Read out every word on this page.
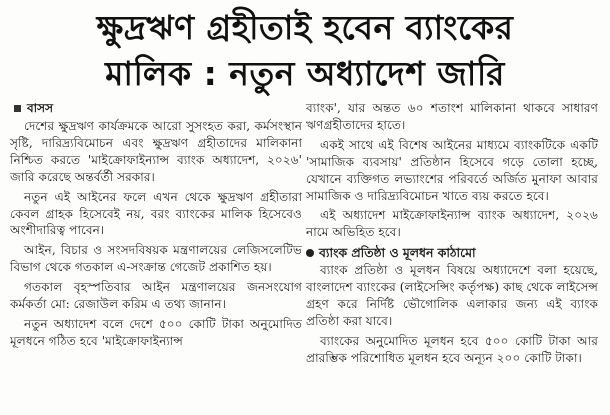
ক্ষুদ্রঋণ গ্রহীতাই হবেন ব্যাংকের
মালিক : নতুন অধ্যাদেশ জারি
বাসস

দেশের ক্ষুদ্রঋণ কার্যক্রমকে আরো সুসংহত করা, কর্মসংস্থান সৃষ্টি, দারিদ্র্যবিমোচন এবং ক্ষুদ্রঋণ গ্রহীতাদের মালিকানা নিশ্চিত করতে 'মাইক্রোফাইন্যান্স ব্যাংক অধ্যাদেশ, ২০২৬' জারি করেছে অন্তর্বর্তী সরকার।

নতুন এই আইনের ফলে এখন থেকে ক্ষুদ্রঋণ গ্রহীতারা কেবল গ্রাহক হিসেবেই নয়, বরং ব্যাংকের মালিক হিসেবেও অংশীদারিত্ব পাবেন।

আইন, বিচার ও সংসদবিষয়ক মন্ত্রণালয়ের লেজিসলেটিভ বিভাগ থেকে গতকাল এ-সংক্রান্ত গেজেট প্রকাশিত হয়।

গতকাল বৃহস্পতিবার আইন মন্ত্রণালয়ের জনসংযোগ কর্মকর্তা মো: রেজাউল করিম এ তথ্য জানান।

নতুন অধ্যাদেশ বলে দেশে ৫০০ কোটি টাকা অনুমোদিত মূলধনে গঠিত হবে 'মাইক্রোফাইন্যান্স

ব্যাংক', যার অন্তত ৬০ শতাংশ মালিকানা থাকবে সাধারণ ঋণগ্রহীতাদের হাতে।

একই সাথে এই বিশেষ আইনের মাধ্যমে ব্যাংকটিকে একটি 'সামাজিক ব্যবসায়' প্রতিষ্ঠান হিসেবে গড়ে তোলা হচ্ছে, যেখানে ব্যক্তিগত লভ্যাংশের পরিবর্তে অর্জিত মুনাফা আবার সামাজিক ও দারিদ্র্যবিমোচন খাতে ব্যয় করতে হবে।

এই অধ্যাদেশ মাইক্রোফাইন্যান্স ব্যাংক অধ্যাদেশ, ২০২৬ নামে অভিহিত হবে।

ব্যাংক প্রতিষ্ঠা ও মূলধন কাঠামো

ব্যাংক প্রতিষ্ঠা ও মূলধন বিষয়ে অধ্যাদেশে বলা হয়েছে, বাংলাদেশ ব্যাংকের (লাইসেন্সিং কর্তৃপক্ষ) কাছ থেকে লাইসেন্স গ্রহণ করে নির্দিষ্ট ভৌগোলিক এলাকার জন্য এই ব্যাংক প্রতিষ্ঠা করা যাবে।

ব্যাংকের অনুমোদিত মূলধন হবে ৫০০ কোটি টাকা আর প্রারম্ভিক পরিশোধিত মূলধন হবে অন্যূন ২০০ কোটি টাকা।
